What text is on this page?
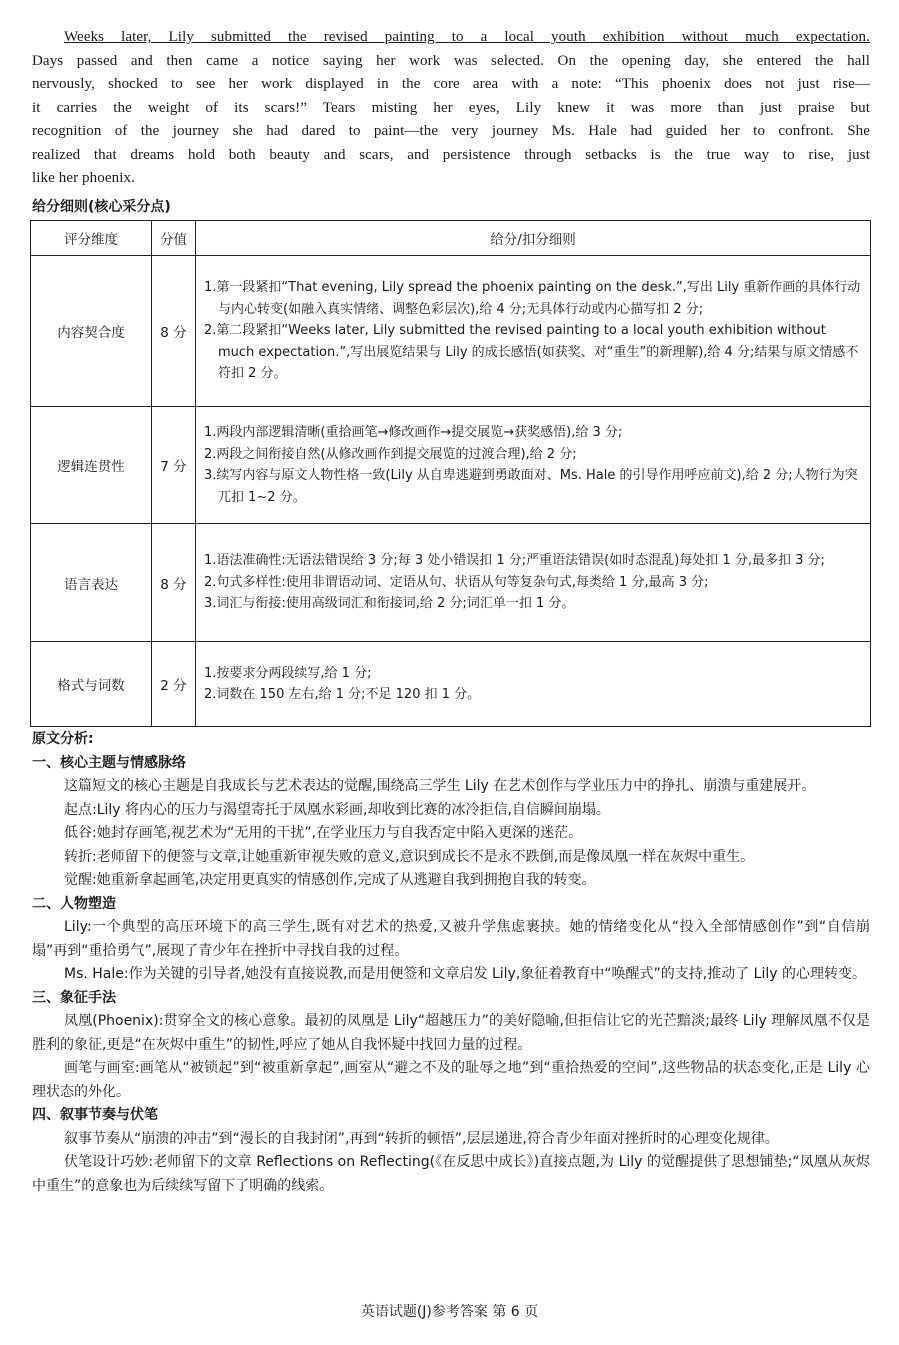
Weeks later, Lily submitted the revised painting to a local youth exhibition without much expectation.
Days passed and then came a notice saying her work was selected. On the opening day, she entered the hall
nervously, shocked to see her work displayed in the core area with a note: “This phoenix does not just rise—
it carries the weight of its scars!” Tears misting her eyes, Lily knew it was more than just praise but
recognition of the journey she had dared to paint—the very journey Ms. Hale had guided her to confront. She
realized that dreams hold both beauty and scars, and persistence through setbacks is the true way to rise, just
like her phoenix.
给分细则(核心采分点)
评分维度	分值	给分/扣分细则
内容契合度	8 分	1.第一段紧扣“That evening, Lily spread the phoenix painting on the desk.”,写出 Lily 重新作画的具体行动与内心转变(如融入真实情绪、调整色彩层次),给 4 分;无具体行动或内心描写扣 2 分;
2.第二段紧扣“Weeks later, Lily submitted the revised painting to a local youth exhibition without much expectation.”,写出展览结果与 Lily 的成长感悟(如获奖、对“重生”的新理解),给 4 分;结果与原文情感不符扣 2 分。

逻辑连贯性	7 分	1.两段内部逻辑清晰(重拾画笔→修改画作→提交展览→获奖感悟),给 3 分;
2.两段之间衔接自然(从修改画作到提交展览的过渡合理),给 2 分;
3.续写内容与原文人物性格一致(Lily 从自卑逃避到勇敢面对、Ms. Hale 的引导作用呼应前文),给 2 分;人物行为突兀扣 1~2 分。

语言表达	8 分	1.语法准确性:无语法错误给 3 分;每 3 处小错误扣 1 分;严重语法错误(如时态混乱)每处扣 1 分,最多扣 3 分;
2.句式多样性:使用非谓语动词、定语从句、状语从句等复杂句式,每类给 1 分,最高 3 分;
3.词汇与衔接:使用高级词汇和衔接词,给 2 分;词汇单一扣 1 分。

格式与词数	2 分	1.按要求分两段续写,给 1 分;
2.词数在 150 左右,给 1 分;不足 120 扣 1 分。
原文分析:
一、核心主题与情感脉络
这篇短文的核心主题是自我成长与艺术表达的觉醒,围绕高三学生 Lily 在艺术创作与学业压力中的挣扎、崩溃与重建展开。
起点:Lily 将内心的压力与渴望寄托于凤凰水彩画,却收到比赛的冰冷拒信,自信瞬间崩塌。
低谷:她封存画笔,视艺术为“无用的干扰”,在学业压力与自我否定中陷入更深的迷茫。
转折:老师留下的便签与文章,让她重新审视失败的意义,意识到成长不是永不跌倒,而是像凤凰一样在灰烬中重生。
觉醒:她重新拿起画笔,决定用更真实的情感创作,完成了从逃避自我到拥抱自我的转变。
二、人物塑造
Lily:一个典型的高压环境下的高三学生,既有对艺术的热爱,又被升学焦虑裹挟。她的情绪变化从“投入全部情感创作”到“自信崩塌”再到“重拾勇气”,展现了青少年在挫折中寻找自我的过程。
Ms. Hale:作为关键的引导者,她没有直接说教,而是用便签和文章启发 Lily,象征着教育中“唤醒式”的支持,推动了 Lily 的心理转变。
三、象征手法
凤凰(Phoenix):贯穿全文的核心意象。最初的凤凰是 Lily“超越压力”的美好隐喻,但拒信让它的光芒黯淡;最终 Lily 理解凤凰不仅是胜利的象征,更是“在灰烬中重生”的韧性,呼应了她从自我怀疑中找回力量的过程。
画笔与画室:画笔从“被锁起”到“被重新拿起”,画室从“避之不及的耻辱之地”到“重拾热爱的空间”,这些物品的状态变化,正是 Lily 心理状态的外化。
四、叙事节奏与伏笔
叙事节奏从“崩溃的冲击”到“漫长的自我封闭”,再到“转折的顿悟”,层层递进,符合青少年面对挫折时的心理变化规律。
伏笔设计巧妙:老师留下的文章 Reflections on Reflecting(《在反思中成长》)直接点题,为 Lily 的觉醒提供了思想铺垫;“凤凰从灰烬中重生”的意象也为后续续写留下了明确的线索。
英语试题(J)参考答案 第 6 页
